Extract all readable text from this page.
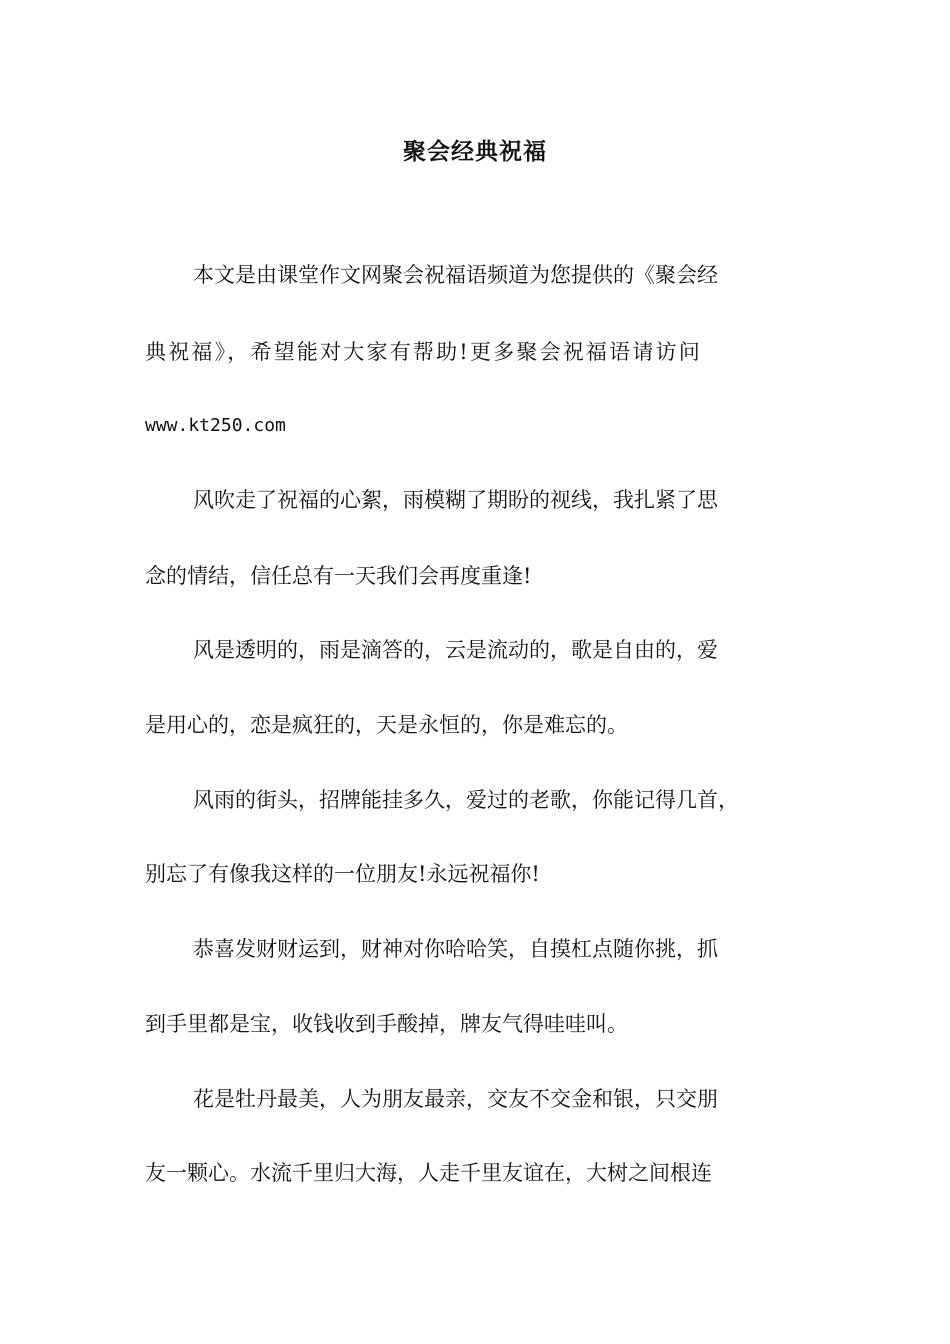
聚会经典祝福
本文是由课堂作文网聚会祝福语频道为您提供的《聚会经
典祝福》，希望能对大家有帮助!更多聚会祝福语请访问
www.kt250.com
风吹走了祝福的心絮，雨模糊了期盼的视线，我扎紧了思
念的情结，信任总有一天我们会再度重逢!
风是透明的，雨是滴答的，云是流动的，歌是自由的，爱
是用心的，恋是疯狂的，天是永恒的，你是难忘的。
风雨的街头，招牌能挂多久，爱过的老歌，你能记得几首，
别忘了有像我这样的一位朋友!永远祝福你!
恭喜发财财运到，财神对你哈哈笑，自摸杠点随你挑，抓
到手里都是宝，收钱收到手酸掉，牌友气得哇哇叫。
花是牡丹最美，人为朋友最亲，交友不交金和银，只交朋
友一颗心。水流千里归大海，人走千里友谊在，大树之间根连
